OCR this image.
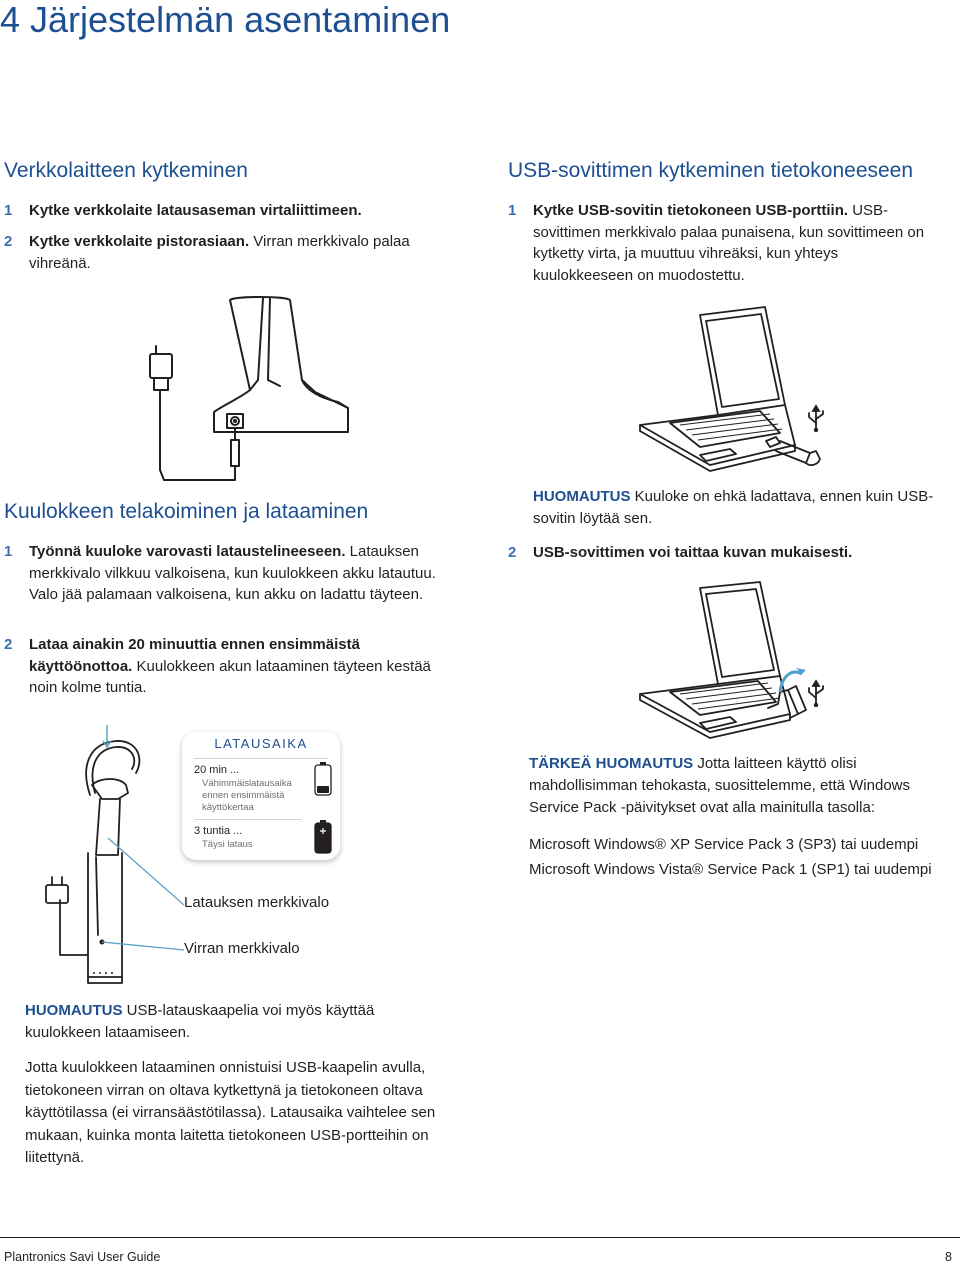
4 Järjestelmän asentaminen
Verkkolaitteen kytkeminen
1	Kytke verkkolaite latausaseman virtaliittimeen.
2	Kytke verkkolaite pistorasiaan. Virran merkkivalo palaa vihreänä.
USB-sovittimen kytkeminen tietokoneeseen
1	Kytke USB-sovitin tietokoneen USB-porttiin. USB-sovittimen merkkivalo palaa punaisena, kun sovittimeen on kytketty virta, ja muuttuu vihreäksi, kun yhteys kuulokkeeseen on muodostettu.
Kuulokkeen telakoiminen ja lataaminen
1	Työnnä kuuloke varovasti lataustelineeseen. Latauksen merkkivalo vilkkuu valkoisena, kun kuulokkeen akku latautuu. Valo jää palamaan valkoisena, kun akku on ladattu täyteen.
2	Lataa ainakin 20 minuuttia ennen ensimmäistä käyttöönottoa. Kuulokkeen akun lataaminen täyteen kestää noin kolme tuntia.
HUOMAUTUS Kuuloke on ehkä ladattava, ennen kuin USB-sovitin löytää sen.
2	USB-sovittimen voi taittaa kuvan mukaisesti.
Latauksen merkkivalo
Virran merkkivalo
LATAUSAIKA
20 min ...
Vähimmäislatausaika ennen ensimmäistä käyttökertaa
3 tuntia ...
Täysi lataus
TÄRKEÄ HUOMAUTUS Jotta laitteen käyttö olisi mahdollisimman tehokasta, suosittelemme, että Windows Service Pack -päivitykset ovat alla mainitulla tasolla:
Microsoft Windows® XP Service Pack 3 (SP3) tai uudempi
Microsoft Windows Vista® Service Pack 1 (SP1) tai uudempi
HUOMAUTUS USB-latauskaapelia voi myös käyttää kuulokkeen lataamiseen.
Jotta kuulokkeen lataaminen onnistuisi USB-kaapelin avulla, tietokoneen virran on oltava kytkettynä ja tietokoneen oltava käyttötilassa (ei virransäästötilassa). Latausaika vaihtelee sen mukaan, kuinka monta laitetta tietokoneen USB-portteihin on liitettynä.
Plantronics Savi User Guide	8
